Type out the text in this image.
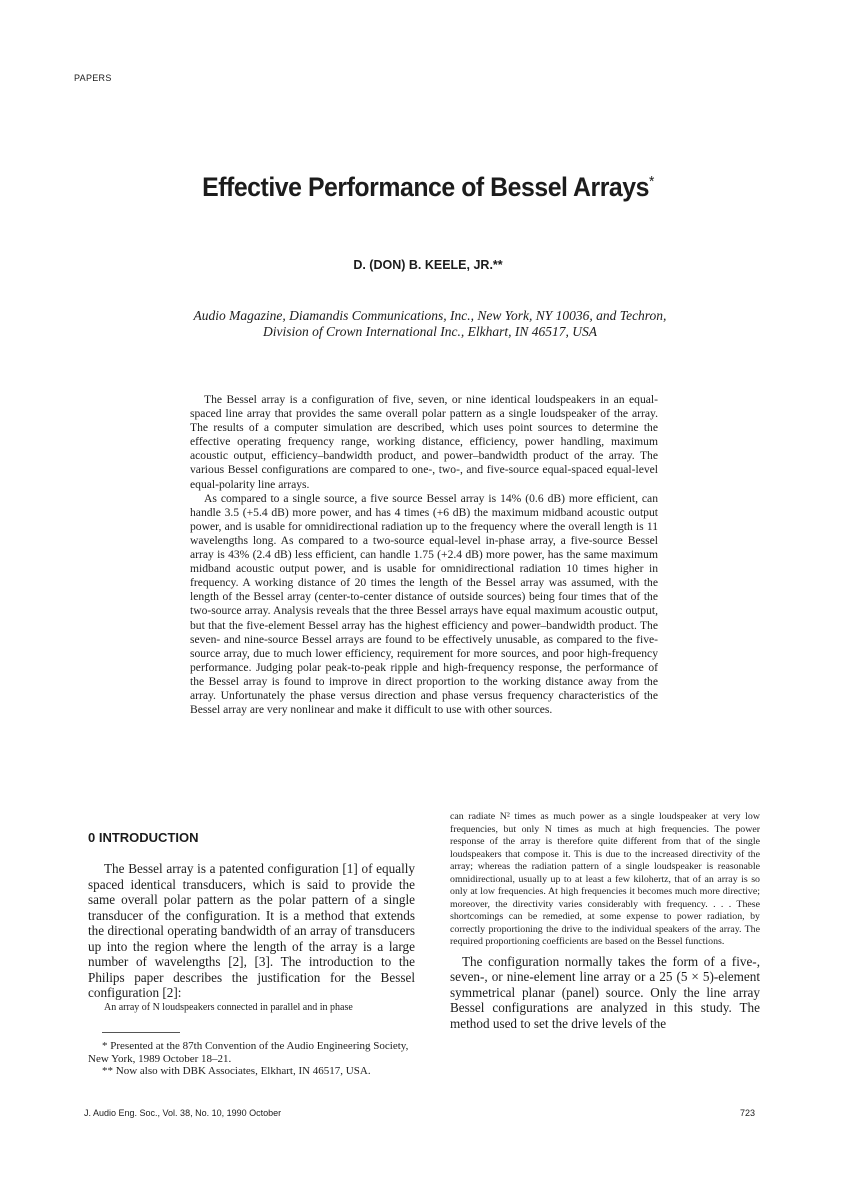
PAPERS
Effective Performance of Bessel Arrays*
D. (DON) B. KEELE, JR.**
Audio Magazine, Diamandis Communications, Inc., New York, NY 10036, and Techron,
Division of Crown International Inc., Elkhart, IN 46517, USA

The Bessel array is a configuration of five, seven, or nine identical loudspeakers in an equal-spaced line array that provides the same overall polar pattern as a single loudspeaker of the array. The results of a computer simulation are described, which uses point sources to determine the effective operating frequency range, working distance, efficiency, power handling, maximum acoustic output, efficiency–bandwidth product, and power–bandwidth product of the array. The various Bessel configurations are compared to one-, two-, and five-source equal-spaced equal-level equal-polarity line arrays.

As compared to a single source, a five source Bessel array is 14% (0.6 dB) more efficient, can handle 3.5 (+5.4 dB) more power, and has 4 times (+6 dB) the maximum midband acoustic output power, and is usable for omnidirectional radiation up to the frequency where the overall length is 11 wavelengths long. As compared to a two-source equal-level in-phase array, a five-source Bessel array is 43% (2.4 dB) less efficient, can handle 1.75 (+2.4 dB) more power, has the same maximum midband acoustic output power, and is usable for omnidirectional radiation 10 times higher in frequency. A working distance of 20 times the length of the Bessel array was assumed, with the length of the Bessel array (center-to-center distance of outside sources) being four times that of the two-source array. Analysis reveals that the three Bessel arrays have equal maximum acoustic output, but that the five-element Bessel array has the highest efficiency and power–bandwidth product. The seven- and nine-source Bessel arrays are found to be effectively unusable, as compared to the five-source array, due to much lower efficiency, requirement for more sources, and poor high-frequency performance. Judging polar peak-to-peak ripple and high-frequency response, the performance of the Bessel array is found to improve in direct proportion to the working distance away from the array. Unfortunately the phase versus direction and phase versus frequency characteristics of the Bessel array are very nonlinear and make it difficult to use with other sources.

0 INTRODUCTION

The Bessel array is a patented configuration [1] of equally spaced identical transducers, which is said to provide the same overall polar pattern as the polar pattern of a single transducer of the configuration. It is a method that extends the directional operating bandwidth of an array of transducers up into the region where the length of the array is a large number of wavelengths [2], [3]. The introduction to the Philips paper describes the justification for the Bessel configuration [2]:

An array of N loudspeakers connected in parallel and in phase

* Presented at the 87th Convention of the Audio Engineering Society, New York, 1989 October 18–21.

** Now also with DBK Associates, Elkhart, IN 46517, USA.

can radiate N² times as much power as a single loudspeaker at very low frequencies, but only N times as much at high frequencies. The power response of the array is therefore quite different from that of the single loudspeakers that compose it. This is due to the increased directivity of the array; whereas the radiation pattern of a single loudspeaker is reasonable omnidirectional, usually up to at least a few kilohertz, that of an array is so only at low frequencies. At high frequencies it becomes much more directive; moreover, the directivity varies considerably with frequency. . . . These shortcomings can be remedied, at some expense to power radiation, by correctly proportioning the drive to the individual speakers of the array. The required proportioning coefficients are based on the Bessel functions.

The configuration normally takes the form of a five-, seven-, or nine-element line array or a 25 (5 × 5)-element symmetrical planar (panel) source. Only the line array Bessel configurations are analyzed in this study. The method used to set the drive levels of the

J. Audio Eng. Soc., Vol. 38, No. 10, 1990 October	723
